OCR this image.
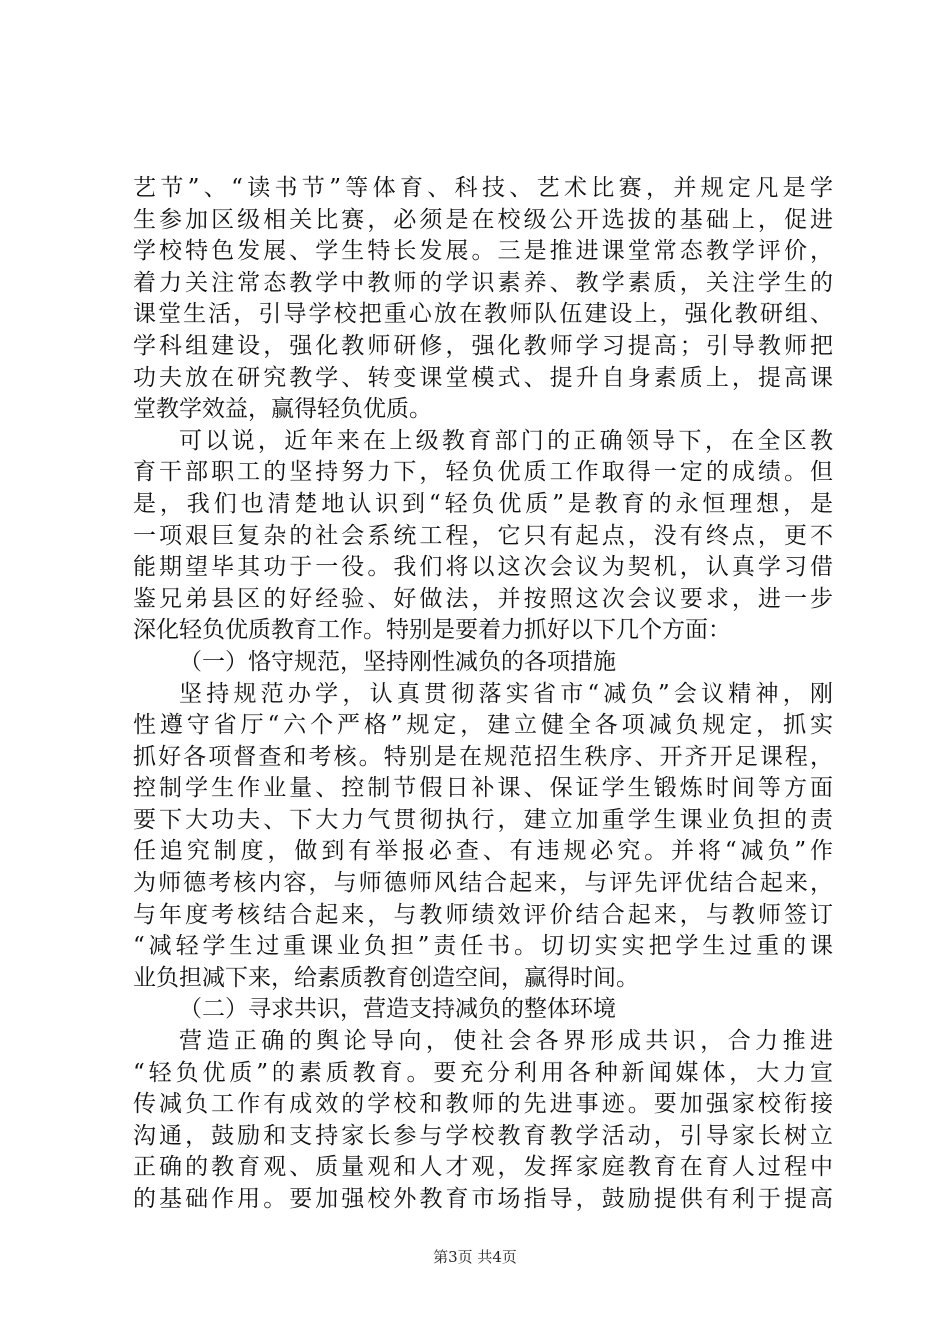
艺节”、“读书节”等体育、科技、艺术比赛，并规定凡是学
生参加区级相关比赛，必须是在校级公开选拔的基础上，促进
学校特色发展、学生特长发展。三是推进课堂常态教学评价，
着力关注常态教学中教师的学识素养、教学素质，关注学生的
课堂生活，引导学校把重心放在教师队伍建设上，强化教研组、
学科组建设，强化教师研修，强化教师学习提高；引导教师把
功夫放在研究教学、转变课堂模式、提升自身素质上，提高课
堂教学效益，赢得轻负优质。
可以说，近年来在上级教育部门的正确领导下，在全区教
育干部职工的坚持努力下，轻负优质工作取得一定的成绩。但
是，我们也清楚地认识到“轻负优质”是教育的永恒理想，是
一项艰巨复杂的社会系统工程，它只有起点，没有终点，更不
能期望毕其功于一役。我们将以这次会议为契机，认真学习借
鉴兄弟县区的好经验、好做法，并按照这次会议要求，进一步
深化轻负优质教育工作。特别是要着力抓好以下几个方面：
（一）恪守规范，坚持刚性减负的各项措施
坚持规范办学，认真贯彻落实省市“减负”会议精神，刚
性遵守省厅“六个严格”规定，建立健全各项减负规定，抓实
抓好各项督查和考核。特别是在规范招生秩序、开齐开足课程，
控制学生作业量、控制节假日补课、保证学生锻炼时间等方面
要下大功夫、下大力气贯彻执行，建立加重学生课业负担的责
任追究制度，做到有举报必查、有违规必究。并将“减负”作
为师德考核内容，与师德师风结合起来，与评先评优结合起来，
与年度考核结合起来，与教师绩效评价结合起来，与教师签订
“减轻学生过重课业负担”责任书。切切实实把学生过重的课
业负担减下来，给素质教育创造空间，赢得时间。
（二）寻求共识，营造支持减负的整体环境
营造正确的舆论导向，使社会各界形成共识，合力推进
“轻负优质”的素质教育。要充分利用各种新闻媒体，大力宣
传减负工作有成效的学校和教师的先进事迹。要加强家校衔接
沟通，鼓励和支持家长参与学校教育教学活动，引导家长树立
正确的教育观、质量观和人才观，发挥家庭教育在育人过程中
的基础作用。要加强校外教育市场指导，鼓励提供有利于提高
第3页 共4页
